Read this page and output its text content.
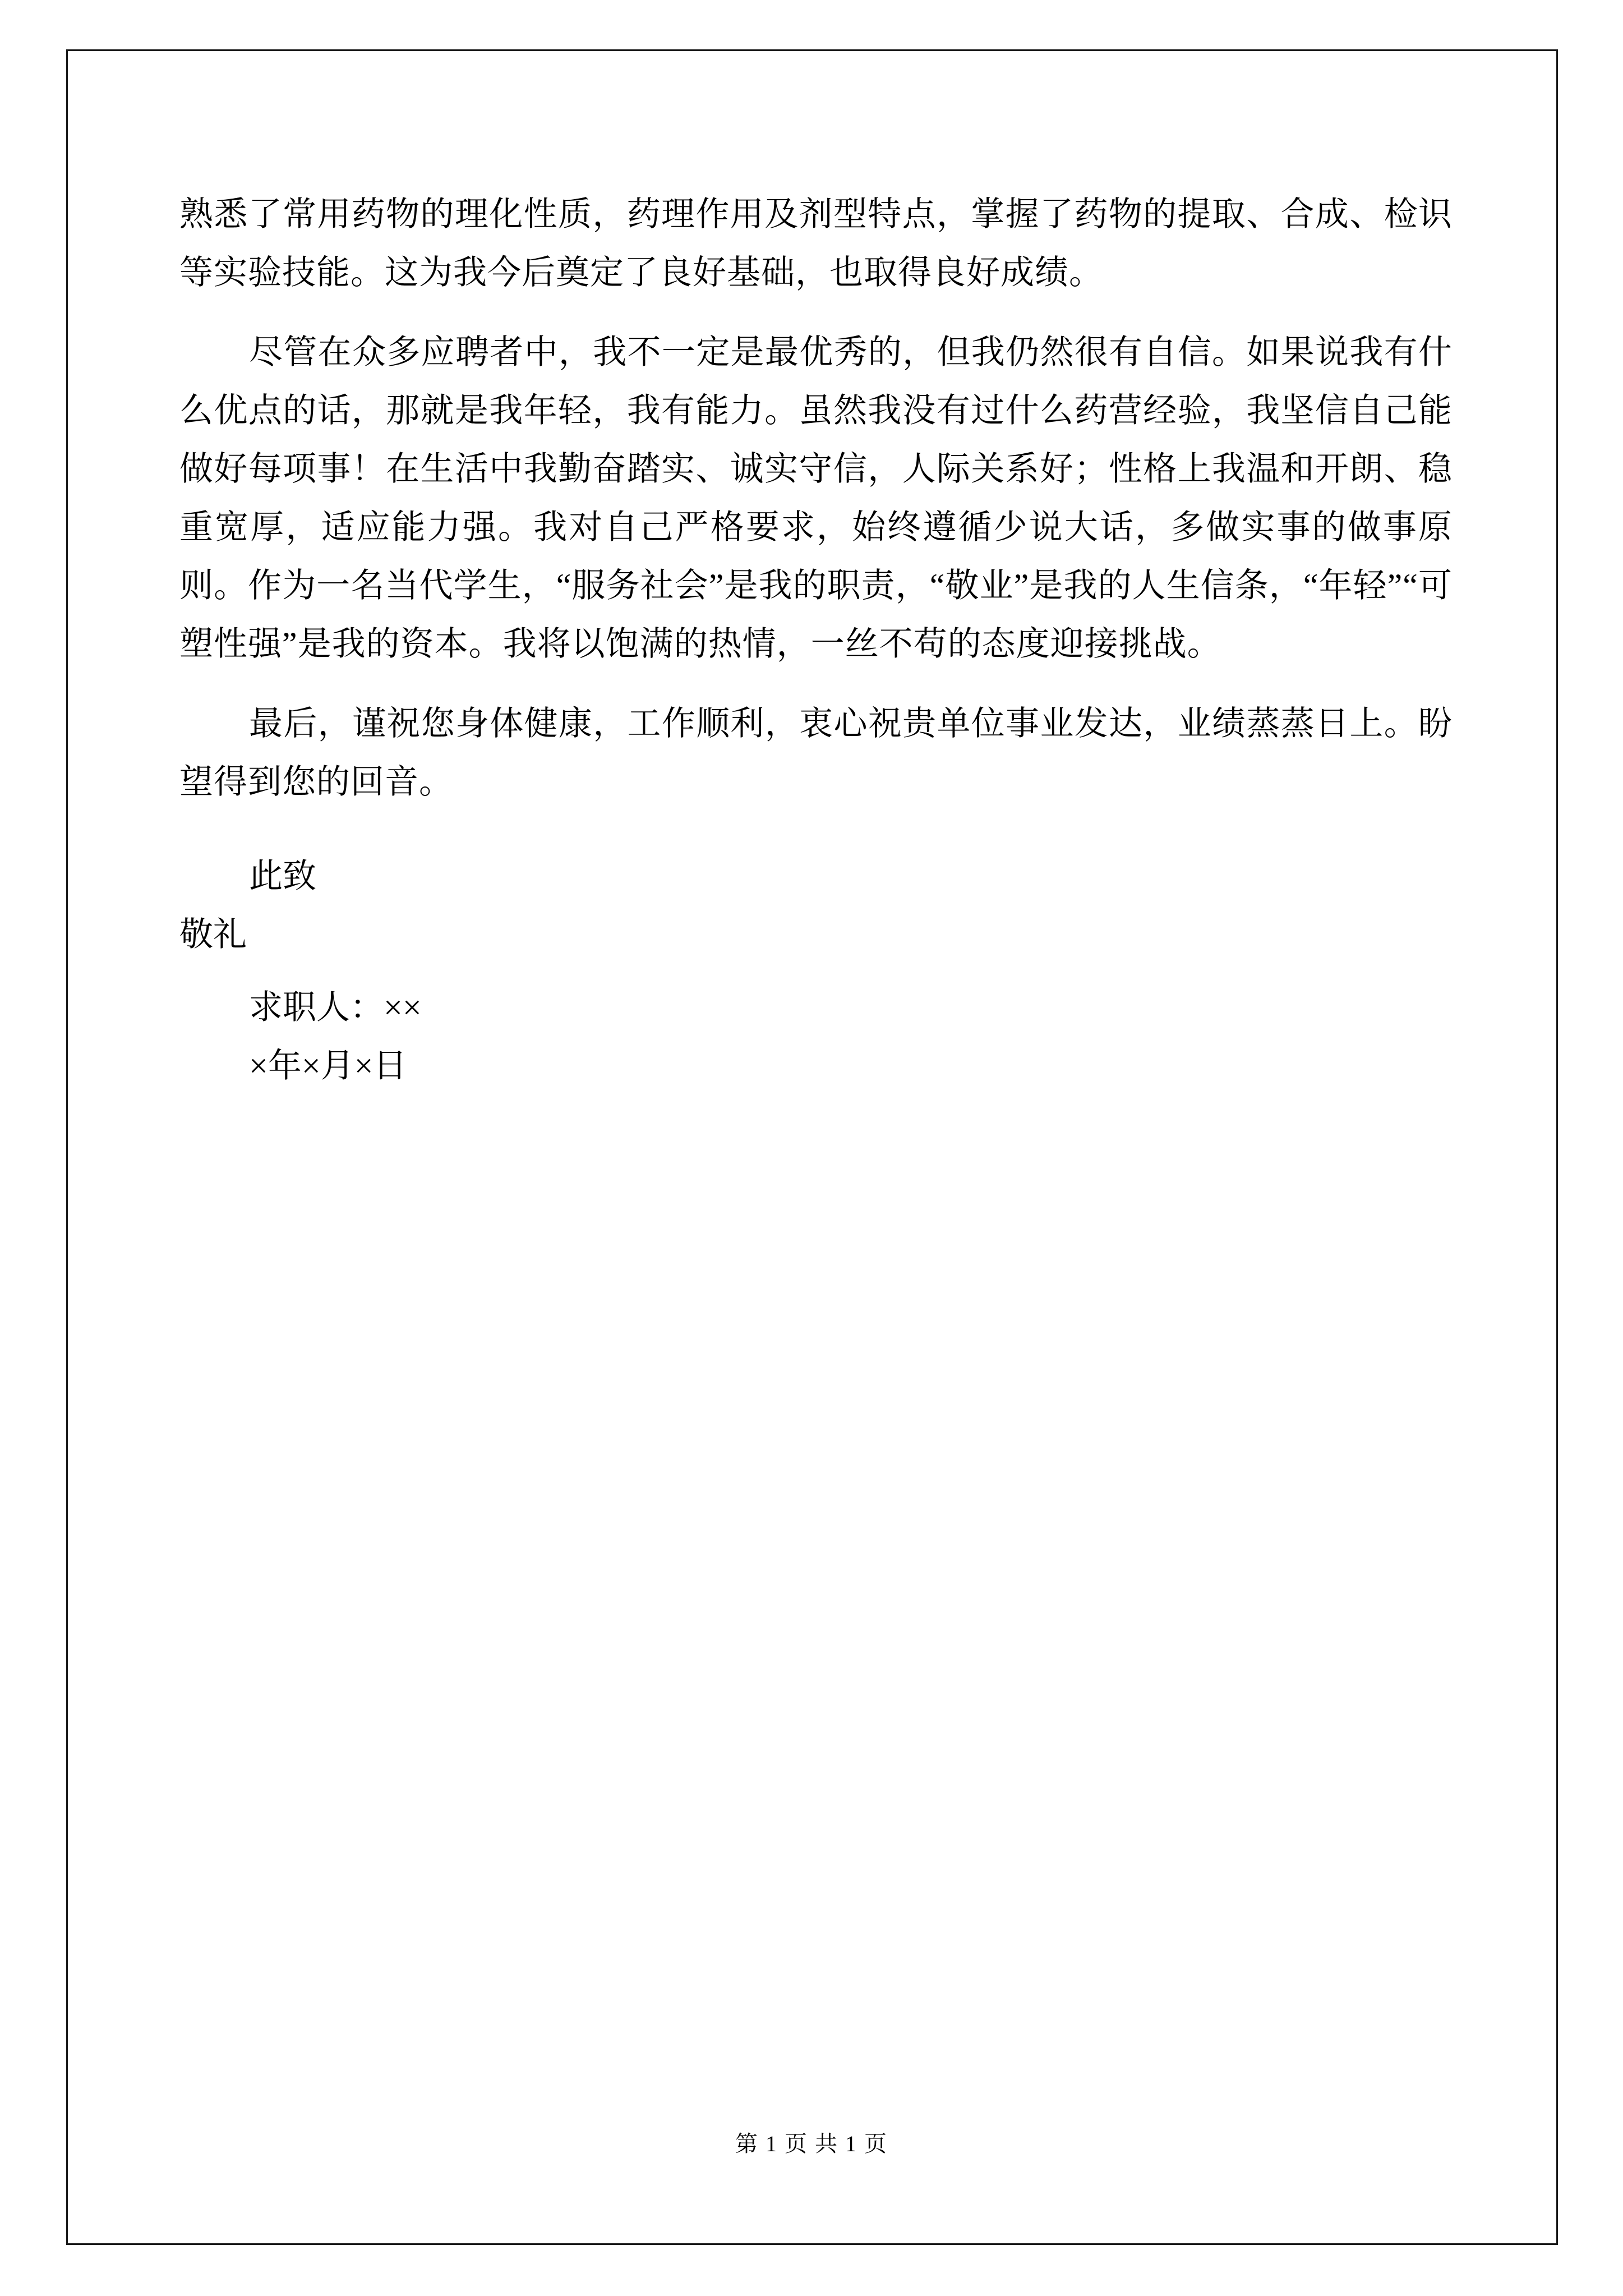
熟悉了常用药物的理化性质，药理作用及剂型特点，掌握了药物的提取、合成、检识等实验技能。这为我今后奠定了良好基础，也取得良好成绩。

尽管在众多应聘者中，我不一定是最优秀的，但我仍然很有自信。如果说我有什么优点的话，那就是我年轻，我有能力。虽然我没有过什么药营经验，我坚信自己能做好每项事！在生活中我勤奋踏实、诚实守信，人际关系好；性格上我温和开朗、稳重宽厚，适应能力强。我对自己严格要求，始终遵循少说大话，多做实事的做事原则。作为一名当代学生，“服务社会”是我的职责，“敬业”是我的人生信条，“年轻”“可塑性强”是我的资本。我将以饱满的热情，一丝不苟的态度迎接挑战。

最后，谨祝您身体健康，工作顺利，衷心祝贵单位事业发达，业绩蒸蒸日上。盼望得到您的回音。

此致

敬礼

求职人：××

×年×月×日

第 1 页 共 1 页
